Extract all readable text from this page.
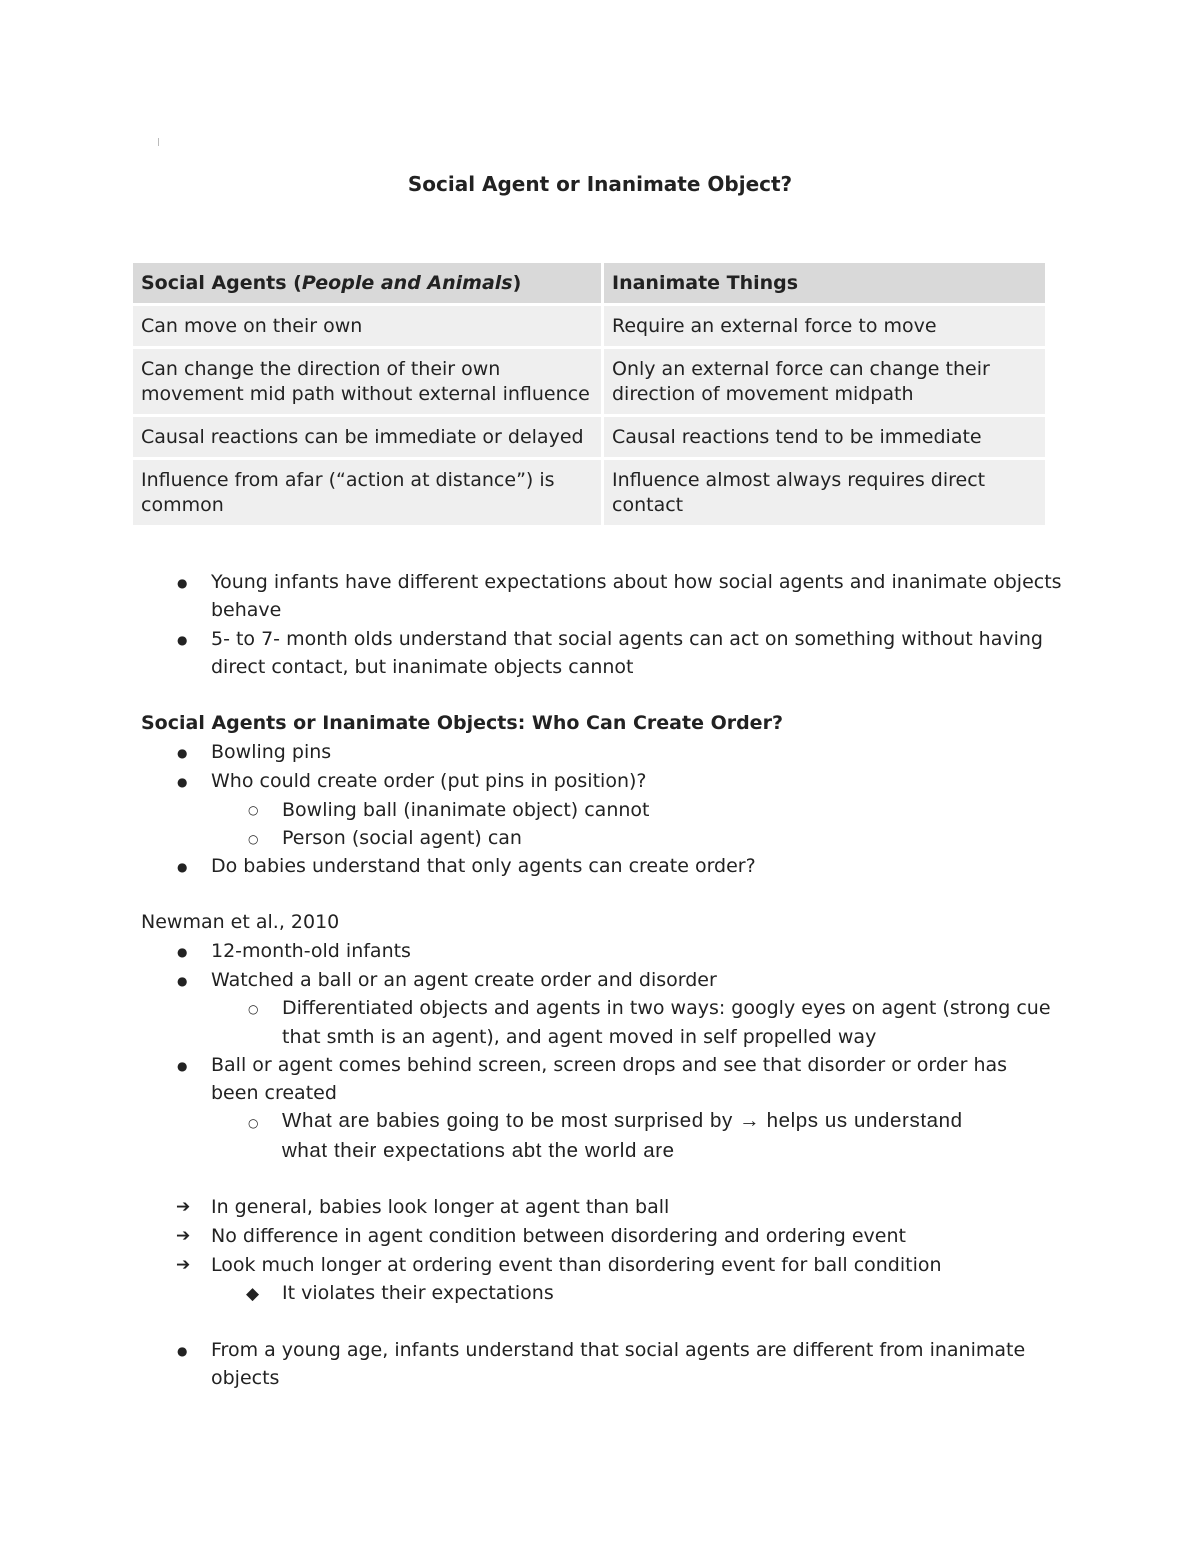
Social Agent or Inanimate Object?
Social Agents (People and Animals)	Inanimate Things
Can move on their own	Require an external force to move
Can change the direction of their own movement mid path without external influence	Only an external force can change their direction of movement midpath
Causal reactions can be immediate or delayed	Causal reactions tend to be immediate
Influence from afar (“action at distance”) is common	Influence almost always requires direct contact
● Young infants have different expectations about how social agents and inanimate objects
behave
● 5- to 7- month olds understand that social agents can act on something without having
direct contact, but inanimate objects cannot
Social Agents or Inanimate Objects: Who Can Create Order?
● Bowling pins
● Who could create order (put pins in position)?
○ Bowling ball (inanimate object) cannot
○ Person (social agent) can
● Do babies understand that only agents can create order?
Newman et al., 2010
● 12-month-old infants
● Watched a ball or an agent create order and disorder
○ Differentiated objects and agents in two ways: googly eyes on agent (strong cue
that smth is an agent), and agent moved in self propelled way
● Ball or agent comes behind screen, screen drops and see that disorder or order has
been created
○ What are babies going to be most surprised by → helps us understand
what their expectations abt the world are
➔ In general, babies look longer at agent than ball
➔ No difference in agent condition between disordering and ordering event
➔ Look much longer at ordering event than disordering event for ball condition
◆ It violates their expectations
● From a young age, infants understand that social agents are different from inanimate
objects
